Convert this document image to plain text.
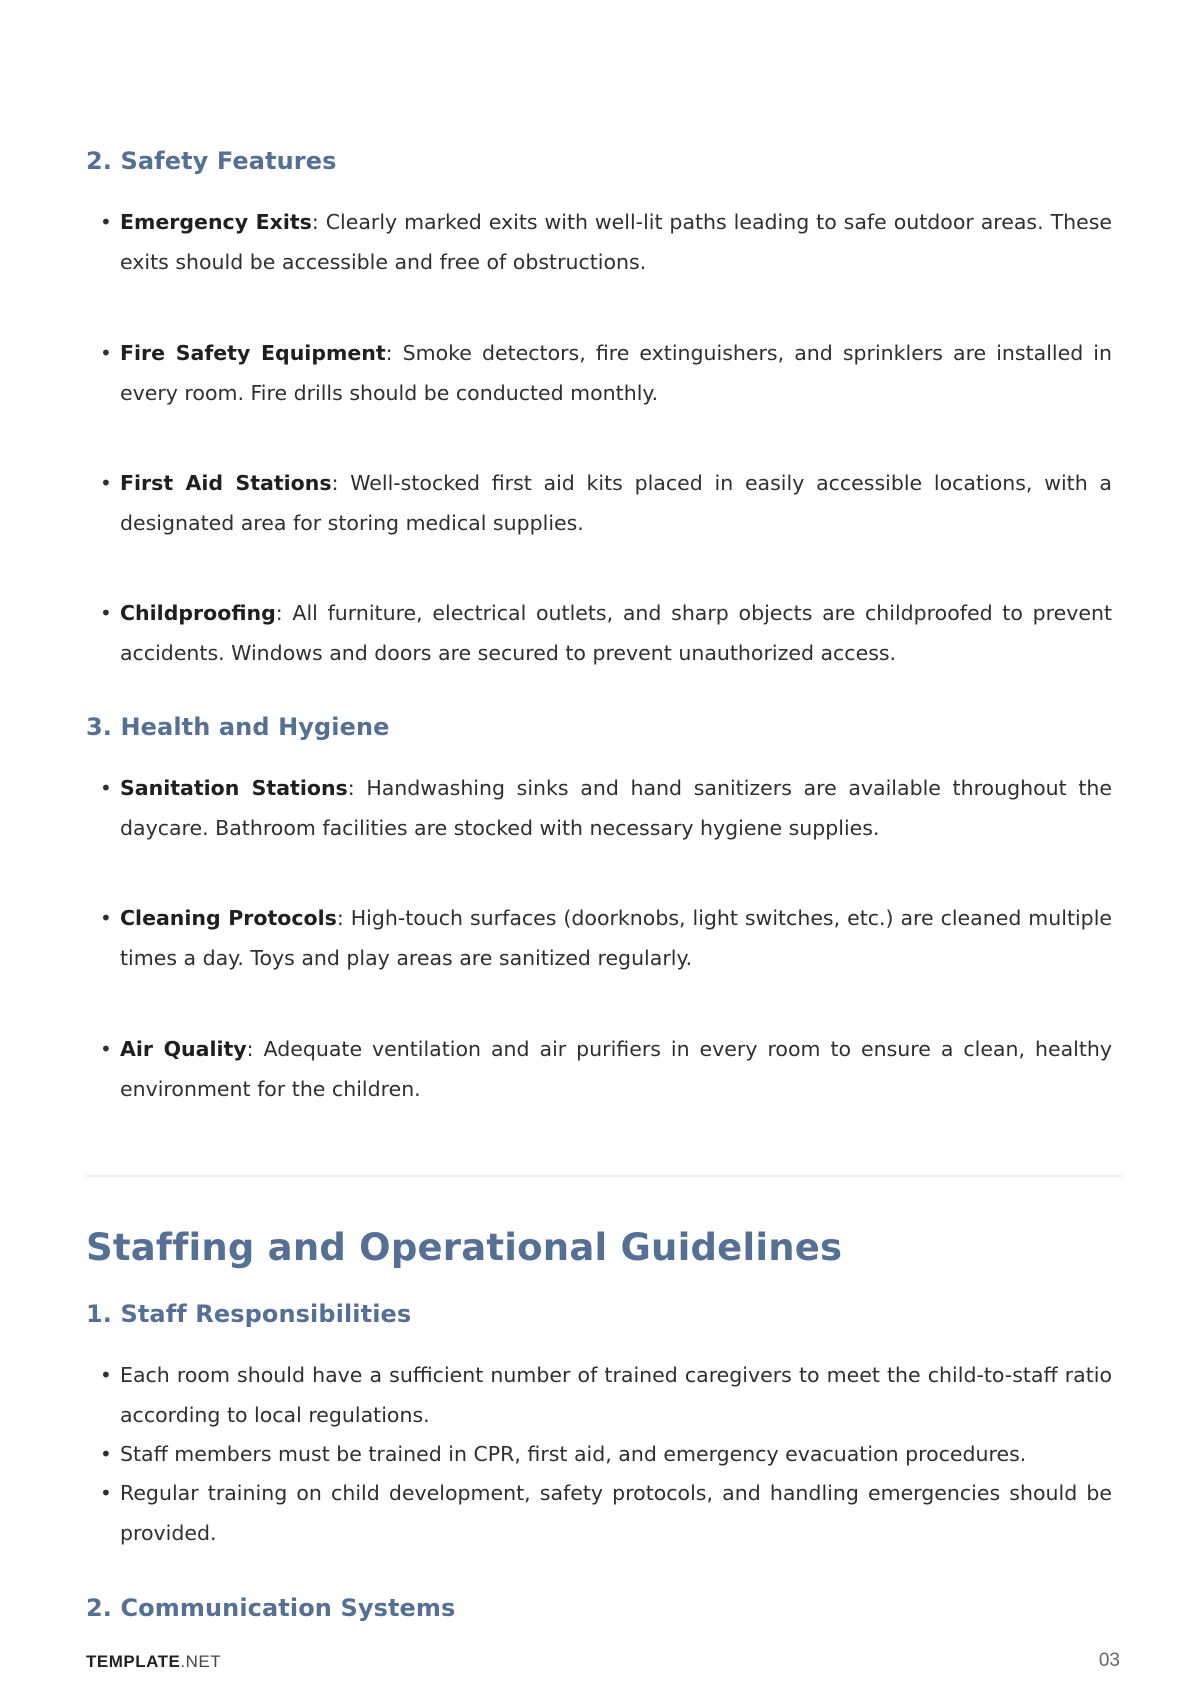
2. Safety Features
• Emergency Exits: Clearly marked exits with well-lit paths leading to safe outdoor areas. These exits should be accessible and free of obstructions.
• Fire Safety Equipment: Smoke detectors, fire extinguishers, and sprinklers are installed in every room. Fire drills should be conducted monthly.
• First Aid Stations: Well-stocked first aid kits placed in easily accessible locations, with a designated area for storing medical supplies.
• Childproofing: All furniture, electrical outlets, and sharp objects are childproofed to prevent accidents. Windows and doors are secured to prevent unauthorized access.
3. Health and Hygiene
• Sanitation Stations: Handwashing sinks and hand sanitizers are available throughout the daycare. Bathroom facilities are stocked with necessary hygiene supplies.
• Cleaning Protocols: High-touch surfaces (doorknobs, light switches, etc.) are cleaned multiple times a day. Toys and play areas are sanitized regularly.
• Air Quality: Adequate ventilation and air purifiers in every room to ensure a clean, healthy environment for the children.
Staffing and Operational Guidelines
1. Staff Responsibilities
• Each room should have a sufficient number of trained caregivers to meet the child-to-staff ratio according to local regulations.
• Staff members must be trained in CPR, first aid, and emergency evacuation procedures.
• Regular training on child development, safety protocols, and handling emergencies should be provided.
2. Communication Systems
TEMPLATE.NET	03
